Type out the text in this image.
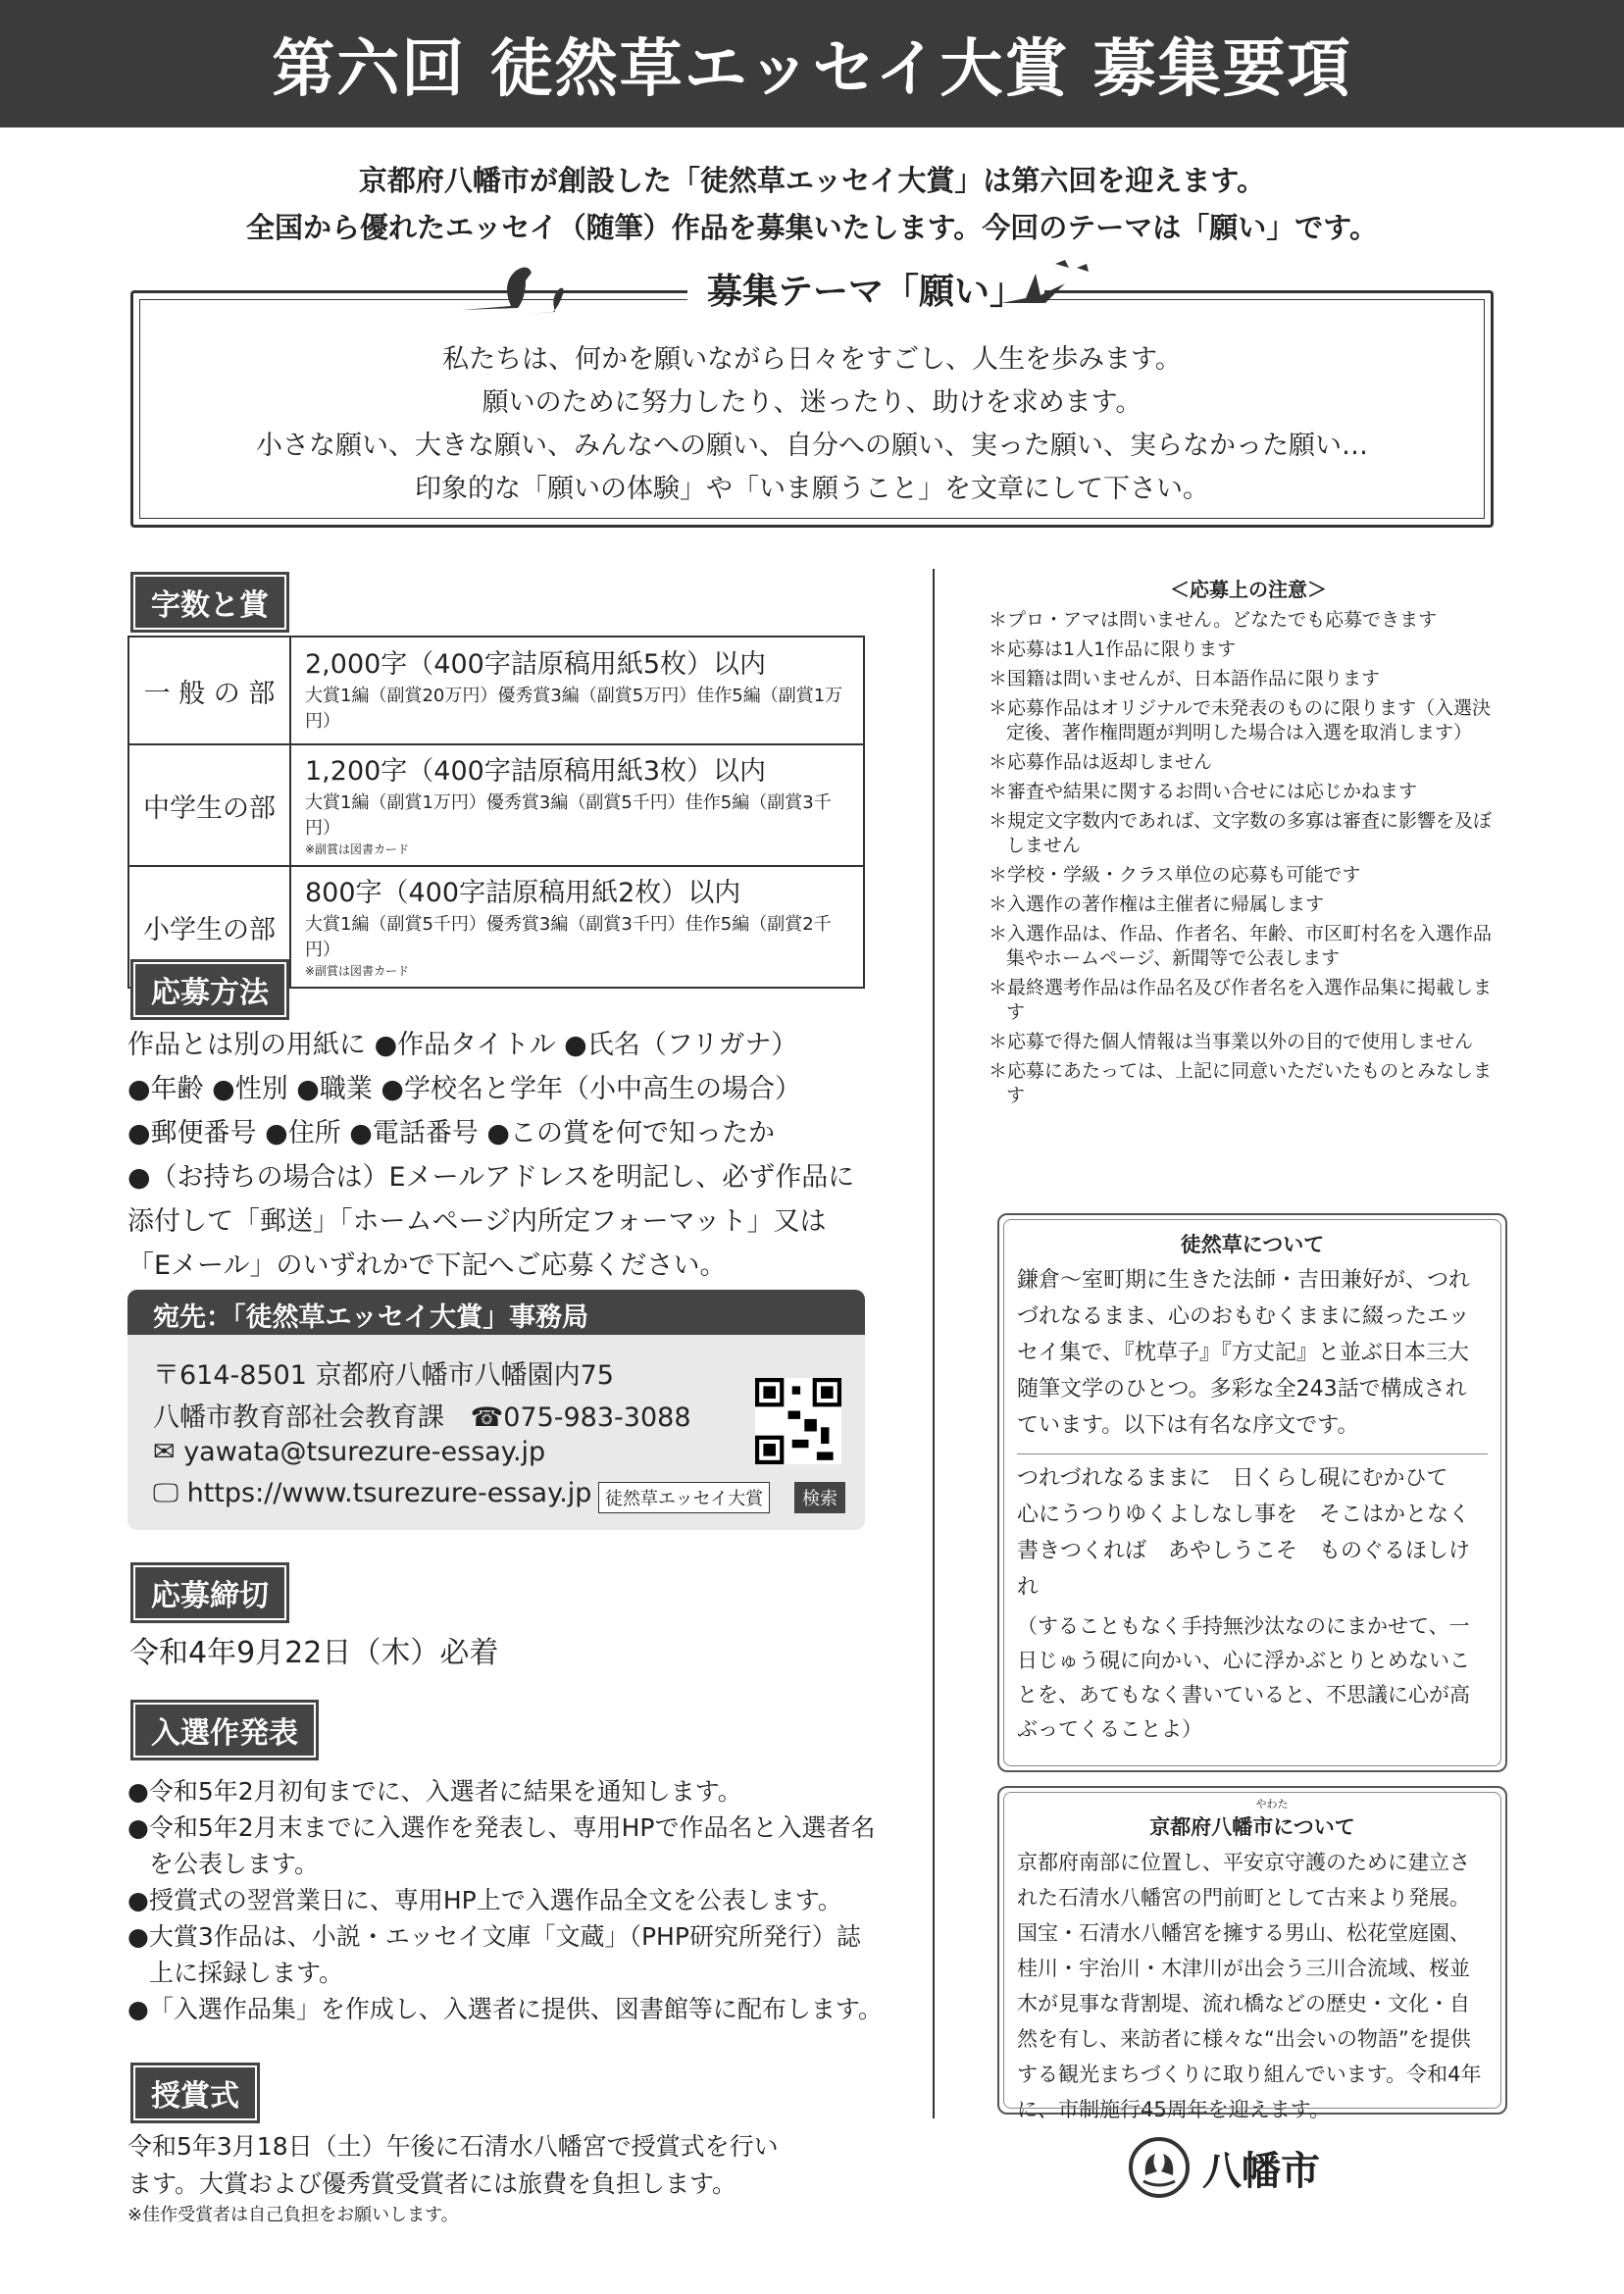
第六回 徒然草エッセイ大賞 募集要項
京都府八幡市が創設した「徒然草エッセイ大賞」は第六回を迎えます。
全国から優れたエッセイ（随筆）作品を募集いたします。今回のテーマは「願い」です。
募集テーマ「願い」
私たちは、何かを願いながら日々をすごし、人生を歩みます。
願いのために努力したり、迷ったり、助けを求めます。
小さな願い、大きな願い、みんなへの願い、自分への願い、実った願い、実らなかった願い…
印象的な「願いの体験」や「いま願うこと」を文章にして下さい。
字数と賞
一 般 の 部	2,000字（400字詰原稿用紙5枚）以内
大賞1編（副賞20万円）優秀賞3編（副賞5万円）佳作5編（副賞1万円）

中学生の部	1,200字（400字詰原稿用紙3枚）以内
大賞1編（副賞1万円）優秀賞3編（副賞5千円）佳作5編（副賞3千円）
※副賞は図書カード

小学生の部	800字（400字詰原稿用紙2枚）以内
大賞1編（副賞5千円）優秀賞3編（副賞3千円）佳作5編（副賞2千円）
※副賞は図書カード
応募方法
作品とは別の用紙に ●作品タイトル ●氏名（フリガナ）
●年齢 ●性別 ●職業 ●学校名と学年（小中高生の場合）
●郵便番号 ●住所 ●電話番号 ●この賞を何で知ったか
●（お持ちの場合は）Eメールアドレスを明記し、必ず作品に
添付して「郵送」「ホームページ内所定フォーマット」又は
「Eメール」のいずれかで下記へご応募ください。
宛先：「徒然草エッセイ大賞」事務局
〒614-8501 京都府八幡市八幡園内75
八幡市教育部社会教育課 ☎075-983-3088
✉ yawata@tsurezure-essay.jp
🖵 https://www.tsurezure-essay.jp 徒然草エッセイ大賞	検索
応募締切
令和4年9月22日（木）必着
入選作発表
●令和5年2月初旬までに、入選者に結果を通知します。
●令和5年2月末までに入選作を発表し、専用HPで作品名と入選者名を公表します。
●授賞式の翌営業日に、専用HP上で入選作品全文を公表します。
●大賞3作品は、小説・エッセイ文庫「文蔵」（PHP研究所発行）誌上に採録します。
●「入選作品集」を作成し、入選者に提供、図書館等に配布します。
授賞式
令和5年3月18日（土）午後に石清水八幡宮で授賞式を行い
ます。大賞および優秀賞受賞者には旅費を負担します。
※佳作受賞者は自己負担をお願いします。
＜応募上の注意＞
＊プロ・アマは問いません。どなたでも応募できます
＊応募は1人1作品に限ります
＊国籍は問いませんが、日本語作品に限ります
＊応募作品はオリジナルで未発表のものに限ります（入選決定後、著作権問題が判明した場合は入選を取消します）
＊応募作品は返却しません
＊審査や結果に関するお問い合せには応じかねます
＊規定文字数内であれば、文字数の多寡は審査に影響を及ぼしません
＊学校・学級・クラス単位の応募も可能です
＊入選作の著作権は主催者に帰属します
＊入選作品は、作品、作者名、年齢、市区町村名を入選作品集やホームページ、新聞等で公表します
＊最終選考作品は作品名及び作者名を入選作品集に掲載します
＊応募で得た個人情報は当事業以外の目的で使用しません
＊応募にあたっては、上記に同意いただいたものとみなします
徒然草について
鎌倉～室町期に生きた法師・吉田兼好が、つれづれなるまま、心のおもむくままに綴ったエッセイ集で、『枕草子』『方丈記』と並ぶ日本三大随筆文学のひとつ。多彩な全243話で構成されています。以下は有名な序文です。
つれづれなるままに　日くらし硯にむかひて
心にうつりゆくよしなし事を　そこはかとなく
書きつくれば　あやしうこそ　ものぐるほしけれ
（することもなく手持無沙汰なのにまかせて、一日じゅう硯に向かい、心に浮かぶとりとめないことを、あてもなく書いていると、不思議に心が高ぶってくることよ）
やわた
京都府八幡市について
京都府南部に位置し、平安京守護のために建立された石清水八幡宮の門前町として古来より発展。国宝・石清水八幡宮を擁する男山、松花堂庭園、桂川・宇治川・木津川が出会う三川合流域、桜並木が見事な背割堤、流れ橋などの歴史・文化・自然を有し、来訪者に様々な“出会いの物語”を提供する観光まちづくりに取り組んでいます。令和4年に、市制施行45周年を迎えます。
八幡市
